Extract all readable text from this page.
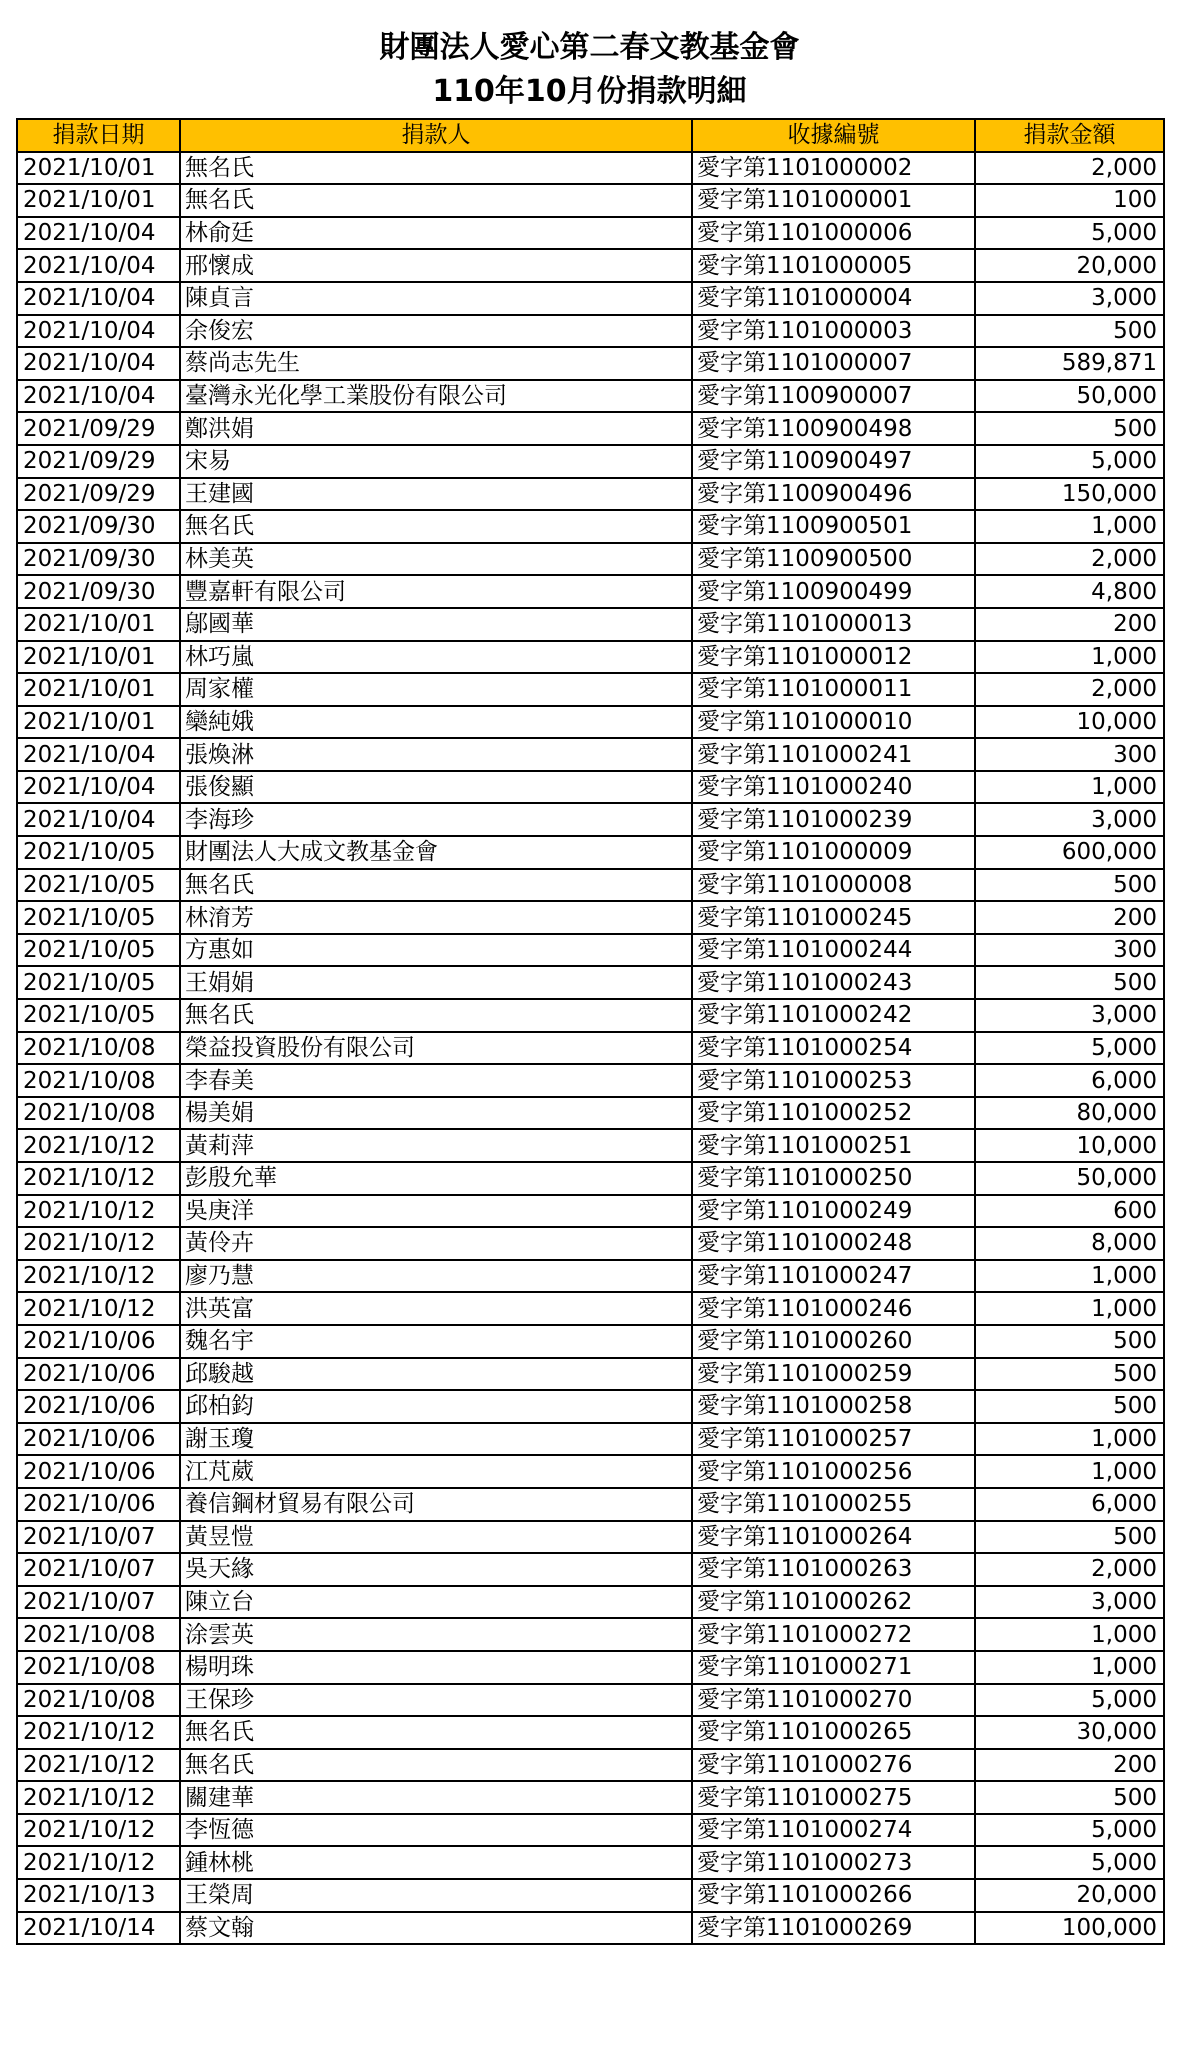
財團法人愛心第二春文教基金會
110年10月份捐款明細
捐款日期	捐款人	收據編號	捐款金額
2021/10/01	無名氏	愛字第1101000002	2,000
2021/10/01	無名氏	愛字第1101000001	100
2021/10/04	林俞廷	愛字第1101000006	5,000
2021/10/04	邢懷成	愛字第1101000005	20,000
2021/10/04	陳貞言	愛字第1101000004	3,000
2021/10/04	余俊宏	愛字第1101000003	500
2021/10/04	蔡尚志先生	愛字第1101000007	589,871
2021/10/04	臺灣永光化學工業股份有限公司	愛字第1100900007	50,000
2021/09/29	鄭洪娟	愛字第1100900498	500
2021/09/29	宋易	愛字第1100900497	5,000
2021/09/29	王建國	愛字第1100900496	150,000
2021/09/30	無名氏	愛字第1100900501	1,000
2021/09/30	林美英	愛字第1100900500	2,000
2021/09/30	豐嘉軒有限公司	愛字第1100900499	4,800
2021/10/01	鄔國華	愛字第1101000013	200
2021/10/01	林巧嵐	愛字第1101000012	1,000
2021/10/01	周家權	愛字第1101000011	2,000
2021/10/01	欒純娥	愛字第1101000010	10,000
2021/10/04	張煥淋	愛字第1101000241	300
2021/10/04	張俊顯	愛字第1101000240	1,000
2021/10/04	李海珍	愛字第1101000239	3,000
2021/10/05	財團法人大成文教基金會	愛字第1101000009	600,000
2021/10/05	無名氏	愛字第1101000008	500
2021/10/05	林淯芳	愛字第1101000245	200
2021/10/05	方惠如	愛字第1101000244	300
2021/10/05	王娟娟	愛字第1101000243	500
2021/10/05	無名氏	愛字第1101000242	3,000
2021/10/08	榮益投資股份有限公司	愛字第1101000254	5,000
2021/10/08	李春美	愛字第1101000253	6,000
2021/10/08	楊美娟	愛字第1101000252	80,000
2021/10/12	黃莉萍	愛字第1101000251	10,000
2021/10/12	彭殷允華	愛字第1101000250	50,000
2021/10/12	吳庚洋	愛字第1101000249	600
2021/10/12	黃伶卉	愛字第1101000248	8,000
2021/10/12	廖乃慧	愛字第1101000247	1,000
2021/10/12	洪英富	愛字第1101000246	1,000
2021/10/06	魏名宇	愛字第1101000260	500
2021/10/06	邱駿越	愛字第1101000259	500
2021/10/06	邱柏鈞	愛字第1101000258	500
2021/10/06	謝玉瓊	愛字第1101000257	1,000
2021/10/06	江芃葳	愛字第1101000256	1,000
2021/10/06	養信鋼材貿易有限公司	愛字第1101000255	6,000
2021/10/07	黃昱愷	愛字第1101000264	500
2021/10/07	吳天緣	愛字第1101000263	2,000
2021/10/07	陳立台	愛字第1101000262	3,000
2021/10/08	涂雲英	愛字第1101000272	1,000
2021/10/08	楊明珠	愛字第1101000271	1,000
2021/10/08	王保珍	愛字第1101000270	5,000
2021/10/12	無名氏	愛字第1101000265	30,000
2021/10/12	無名氏	愛字第1101000276	200
2021/10/12	關建華	愛字第1101000275	500
2021/10/12	李恆德	愛字第1101000274	5,000
2021/10/12	鍾林桃	愛字第1101000273	5,000
2021/10/13	王榮周	愛字第1101000266	20,000
2021/10/14	蔡文翰	愛字第1101000269	100,000
